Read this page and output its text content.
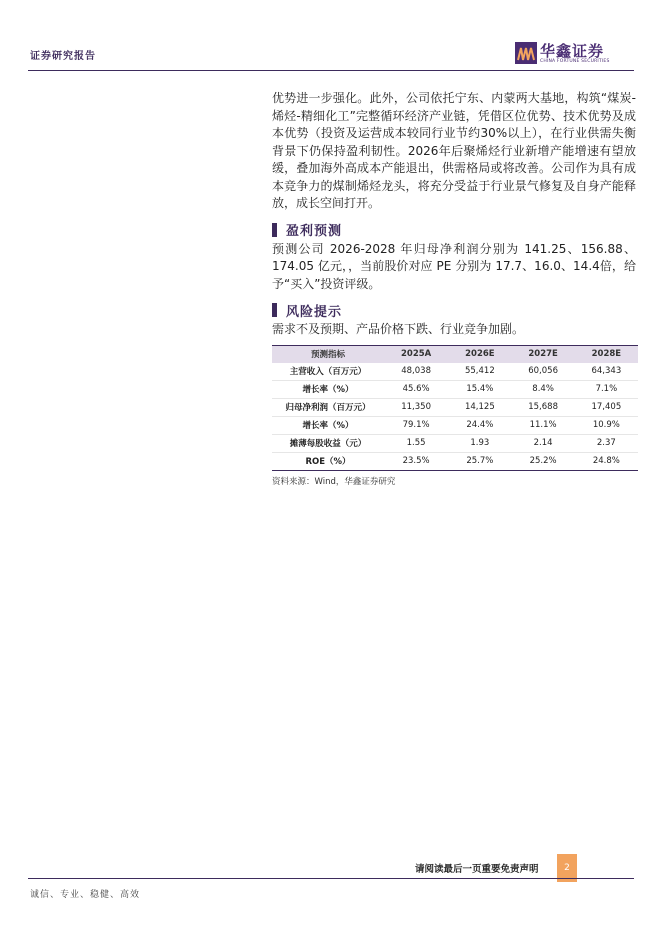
证券研究报告	华鑫证券
CHINA FORTUNE SECURITIES

优势进一步强化。此外，公司依托宁东、内蒙两大基地，构筑“煤炭-烯烃-精细化工”完整循环经济产业链，凭借区位优势、技术优势及成本优势（投资及运营成本较同行业节约30%以上），在行业供需失衡背景下仍保持盈利韧性。2026年后聚烯烃行业新增产能增速有望放缓，叠加海外高成本产能退出，供需格局或将改善。公司作为具有成本竞争力的煤制烯烃龙头，将充分受益于行业景气修复及自身产能释放，成长空间打开。

盈利预测

预测公司 2026-2028 年归母净利润分别为 141.25、156.88、174.05 亿元，，当前股价对应 PE 分别为 17.7、16.0、14.4倍，给予“买入”投资评级。

风险提示

需求不及预期、产品价格下跌、行业竞争加剧。

预测指标	2025A	2026E	2027E	2028E
主营收入（百万元）	48,038	55,412	60,056	64,343
增长率（%）	45.6%	15.4%	8.4%	7.1%
归母净利润（百万元）	11,350	14,125	15,688	17,405
增长率（%）	79.1%	24.4%	11.1%	10.9%
摊薄每股收益（元）	1.55	1.93	2.14	2.37
ROE（%）	23.5%	25.7%	25.2%	24.8%
资料来源：Wind，华鑫证券研究
请阅读最后一页重要免责声明	2
诚信、专业、稳健、高效
